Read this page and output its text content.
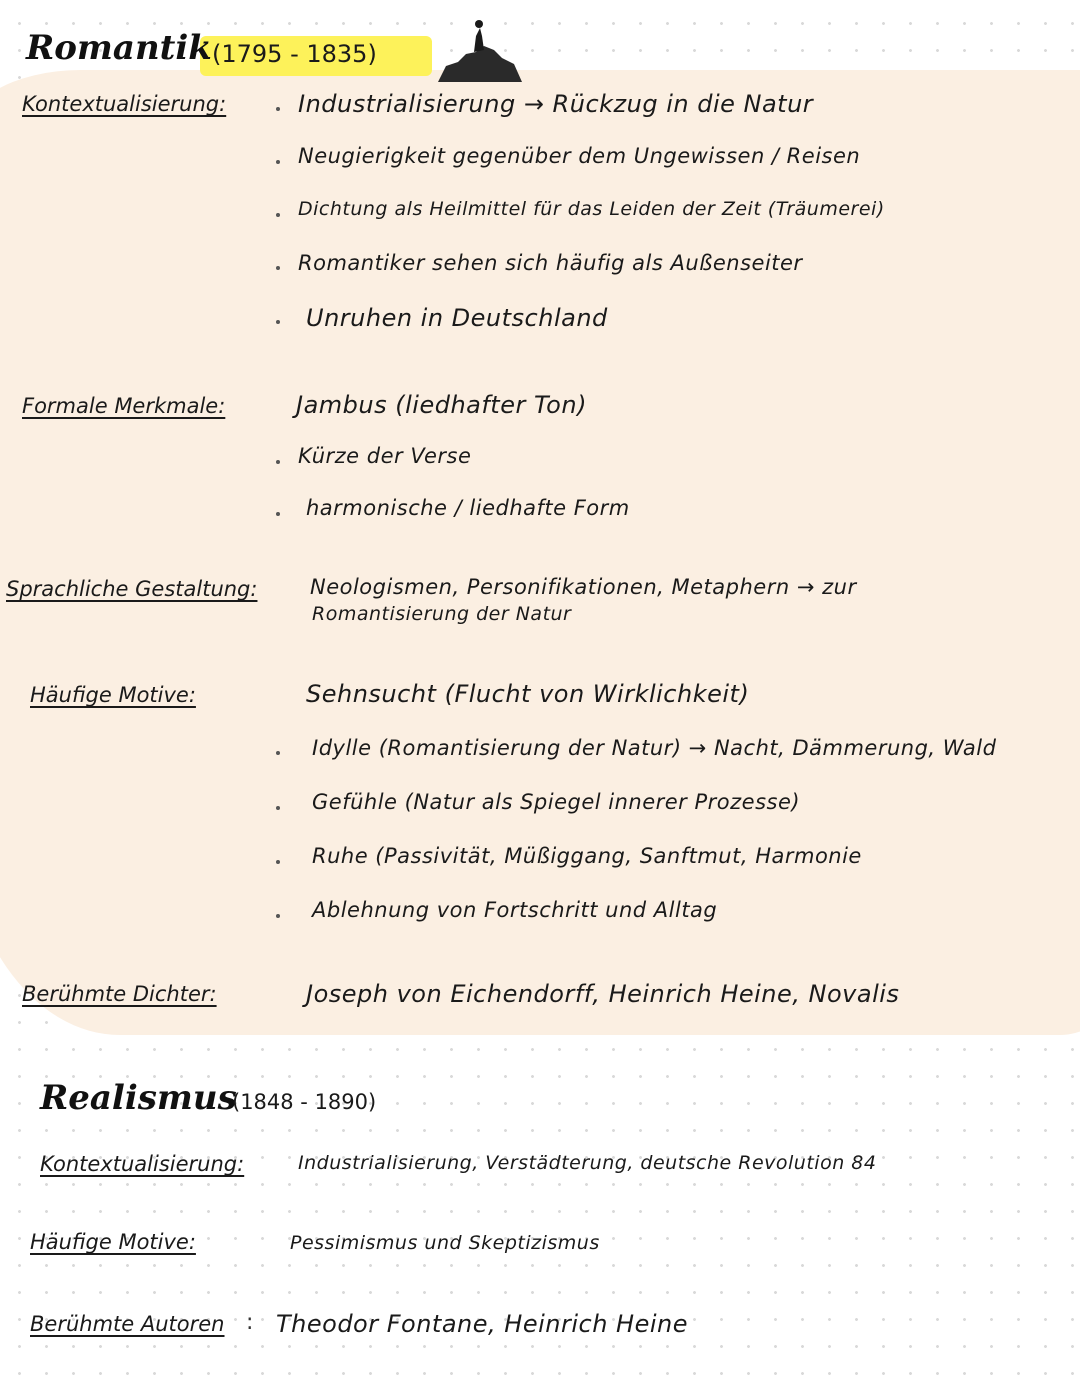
Romantik (1795 - 1835)
Kontextualisierung:	Industrialisierung → Rückzug in die Natur
Neugierigkeit gegenüber dem Ungewissen / Reisen
Dichtung als Heilmittel für das Leiden der Zeit (Träumerei)
Romantiker sehen sich häufig als Außenseiter
Unruhen in Deutschland
Formale Merkmale:	Jambus (liedhafter Ton)
Kürze der Verse
harmonische / liedhafte Form
Sprachliche Gestaltung:	Neologismen, Personifikationen, Metaphern → zur
Romantisierung der Natur
Häufige Motive:	Sehnsucht (Flucht von Wirklichkeit)
Idylle (Romantisierung der Natur) → Nacht, Dämmerung, Wald
Gefühle (Natur als Spiegel innerer Prozesse)
Ruhe (Passivität, Müßiggang, Sanftmut, Harmonie
Ablehnung von Fortschritt und Alltag
Berühmte Dichter:	Joseph von Eichendorff, Heinrich Heine, Novalis
Realismus
(1848 - 1890)
Kontextualisierung:	Industrialisierung, Verstädterung, deutsche Revolution 84
Häufige Motive:	Pessimismus und Skeptizismus
Berühmte Autoren : Theodor Fontane, Heinrich Heine
